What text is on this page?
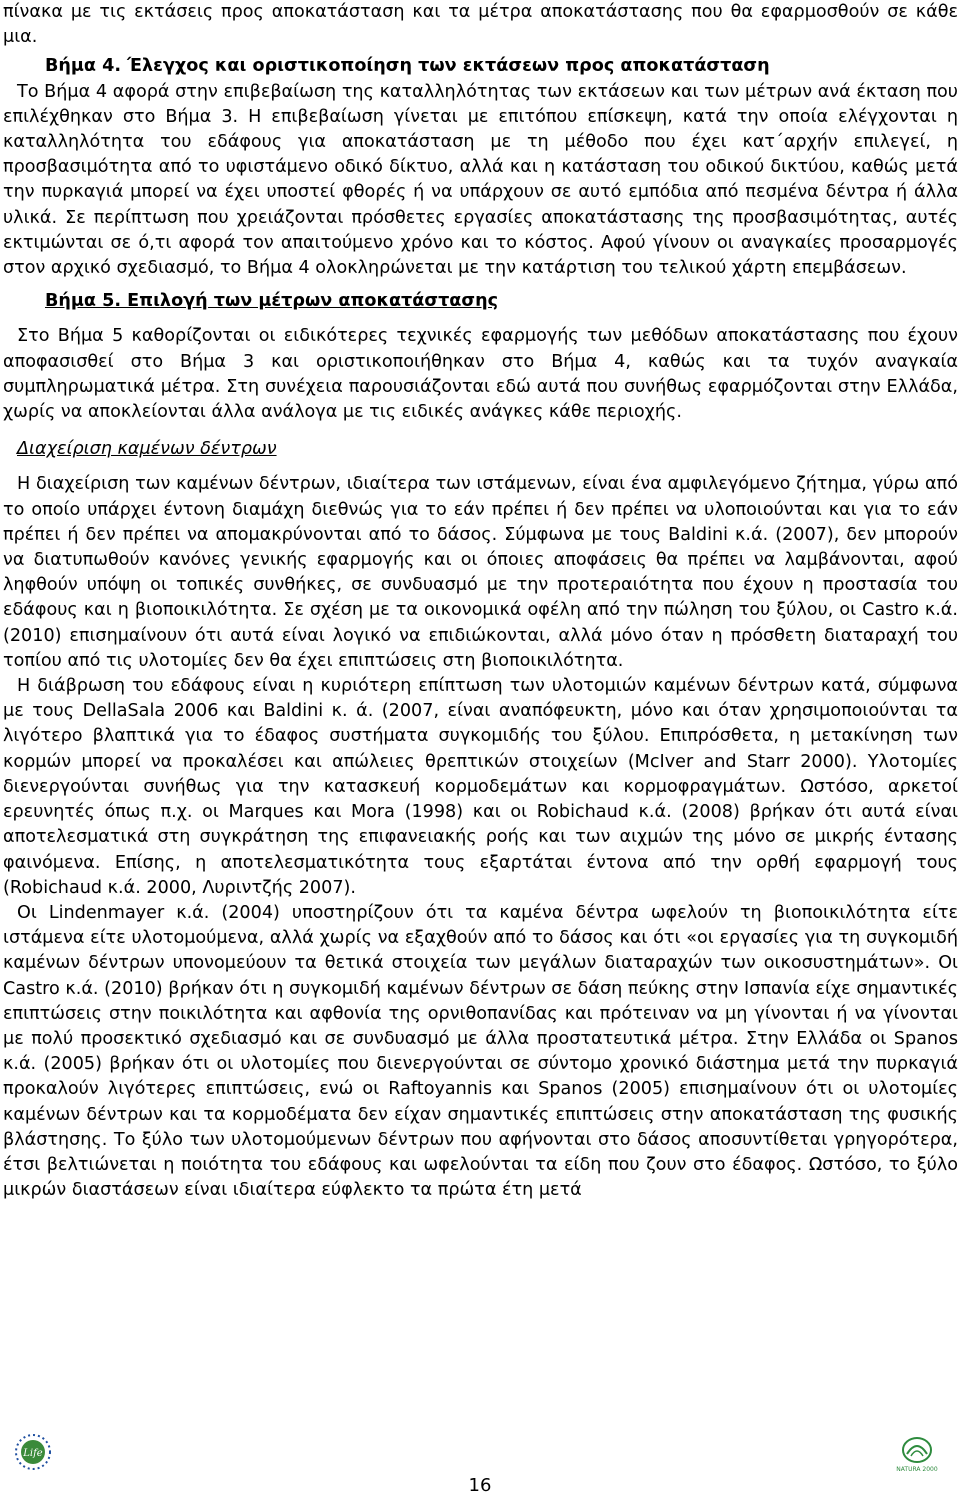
πίνακα με τις εκτάσεις προς αποκατάσταση και τα μέτρα αποκατάστασης που θα εφαρμοσθούν σε κάθε μια.

Βήμα 4. Έλεγχος και οριστικοποίηση των εκτάσεων προς αποκατάσταση

Το Βήμα 4 αφορά στην επιβεβαίωση της καταλληλότητας των εκτάσεων και των μέτρων ανά έκταση που επιλέχθηκαν στο Βήμα 3. Η επιβεβαίωση γίνεται με επιτόπου επίσκεψη, κατά την οποία ελέγχονται η καταλληλότητα του εδάφους για αποκατάσταση με τη μέθοδο που έχει κατ΄αρχήν επιλεγεί, η προσβασιμότητα από το υφιστάμενο οδικό δίκτυο, αλλά και η κατάσταση του οδικού δικτύου, καθώς μετά την πυρκαγιά μπορεί να έχει υποστεί φθορές ή να υπάρχουν σε αυτό εμπόδια από πεσμένα δέντρα ή άλλα υλικά. Σε περίπτωση που χρειάζονται πρόσθετες εργασίες αποκατάστασης της προσβασιμότητας, αυτές εκτιμώνται σε ό,τι αφορά τον απαιτούμενο χρόνο και το κόστος. Αφού γίνουν οι αναγκαίες προσαρμογές στον αρχικό σχεδιασμό, το Βήμα 4 ολοκληρώνεται με την κατάρτιση του τελικού χάρτη επεμβάσεων.

Βήμα 5. Επιλογή των μέτρων αποκατάστασης

Στο Βήμα 5 καθορίζονται οι ειδικότερες τεχνικές εφαρμογής των μεθόδων αποκατάστασης που έχουν αποφασισθεί στο Βήμα 3 και οριστικοποιήθηκαν στο Βήμα 4, καθώς και τα τυχόν αναγκαία συμπληρωματικά μέτρα. Στη συνέχεια παρουσιάζονται εδώ αυτά που συνήθως εφαρμόζονται στην Ελλάδα, χωρίς να αποκλείονται άλλα ανάλογα με τις ειδικές ανάγκες κάθε περιοχής.

Διαχείριση καμένων δέντρων

Η διαχείριση των καμένων δέντρων, ιδιαίτερα των ιστάμενων, είναι ένα αμφιλεγόμενο ζήτημα, γύρω από το οποίο υπάρχει έντονη διαμάχη διεθνώς για το εάν πρέπει ή δεν πρέπει να υλοποιούνται και για το εάν πρέπει ή δεν πρέπει να απομακρύνονται από το δάσος. Σύμφωνα με τους Baldini κ.ά. (2007), δεν μπορούν να διατυπωθούν κανόνες γενικής εφαρμογής και οι όποιες αποφάσεις θα πρέπει να λαμβάνονται, αφού ληφθούν υπόψη οι τοπικές συνθήκες, σε συνδυασμό με την προτεραιότητα που έχουν η προστασία του εδάφους και η βιοποικιλότητα. Σε σχέση με τα οικονομικά οφέλη από την πώληση του ξύλου, οι Castro κ.ά. (2010) επισημαίνουν ότι αυτά είναι λογικό να επιδιώκονται, αλλά μόνο όταν η πρόσθετη διαταραχή του τοπίου από τις υλοτομίες δεν θα έχει επιπτώσεις στη βιοποικιλότητα.

Η διάβρωση του εδάφους είναι η κυριότερη επίπτωση των υλοτομιών καμένων δέντρων κατά, σύμφωνα με τους DellaSala 2006 και Baldini κ. ά. (2007, είναι αναπόφευκτη, μόνο και όταν χρησιμοποιούνται τα λιγότερο βλαπτικά για το έδαφος συστήματα συγκομιδής του ξύλου. Επιπρόσθετα, η μετακίνηση των κορμών μπορεί να προκαλέσει και απώλειες θρεπτικών στοιχείων (McIver and Starr 2000). Υλοτομίες διενεργούνται συνήθως για την κατασκευή κορμοδεμάτων και κορμοφραγμάτων. Ωστόσο, αρκετοί ερευνητές όπως π.χ. οι Marques και Mora (1998) και οι Robichaud κ.ά. (2008) βρήκαν ότι αυτά είναι αποτελεσματικά στη συγκράτηση της επιφανειακής ροής και των αιχμών της μόνο σε μικρής έντασης φαινόμενα. Επίσης, η αποτελεσματικότητα τους εξαρτάται έντονα από την ορθή εφαρμογή τους (Robichaud κ.ά. 2000, Λυριντζής 2007).

Οι Lindenmayer κ.ά. (2004) υποστηρίζουν ότι τα καμένα δέντρα ωφελούν τη βιοποικιλότητα είτε ιστάμενα είτε υλοτομούμενα, αλλά χωρίς να εξαχθούν από το δάσος και ότι «οι εργασίες για τη συγκομιδή καμένων δέντρων υπονομεύουν τα θετικά στοιχεία των μεγάλων διαταραχών των οικοσυστημάτων». Οι Castro κ.ά. (2010) βρήκαν ότι η συγκομιδή καμένων δέντρων σε δάση πεύκης στην Ισπανία είχε σημαντικές επιπτώσεις στην ποικιλότητα και αφθονία της ορνιθοπανίδας και πρότειναν να μη γίνονται ή να γίνονται με πολύ προσεκτικό σχεδιασμό και σε συνδυασμό με άλλα προστατευτικά μέτρα. Στην Ελλάδα οι Spanos κ.ά. (2005) βρήκαν ότι οι υλοτομίες που διενεργούνται σε σύντομο χρονικό διάστημα μετά την πυρκαγιά προκαλούν λιγότερες επιπτώσεις, ενώ οι Raftoyannis και Spanos (2005) επισημαίνουν ότι οι υλοτομίες καμένων δέντρων και τα κορμοδέματα δεν είχαν σημαντικές επιπτώσεις στην αποκατάσταση της φυσικής βλάστησης. Το ξύλο των υλοτομούμενων δέντρων που αφήνονται στο δάσος αποσυντίθεται γρηγορότερα, έτσι βελτιώνεται η ποιότητα του εδάφους και ωφελούνται τα είδη που ζουν στο έδαφος. Ωστόσο, το ξύλο μικρών διαστάσεων είναι ιδιαίτερα εύφλεκτο τα πρώτα έτη μετά

Life
NATURA 2000
16
